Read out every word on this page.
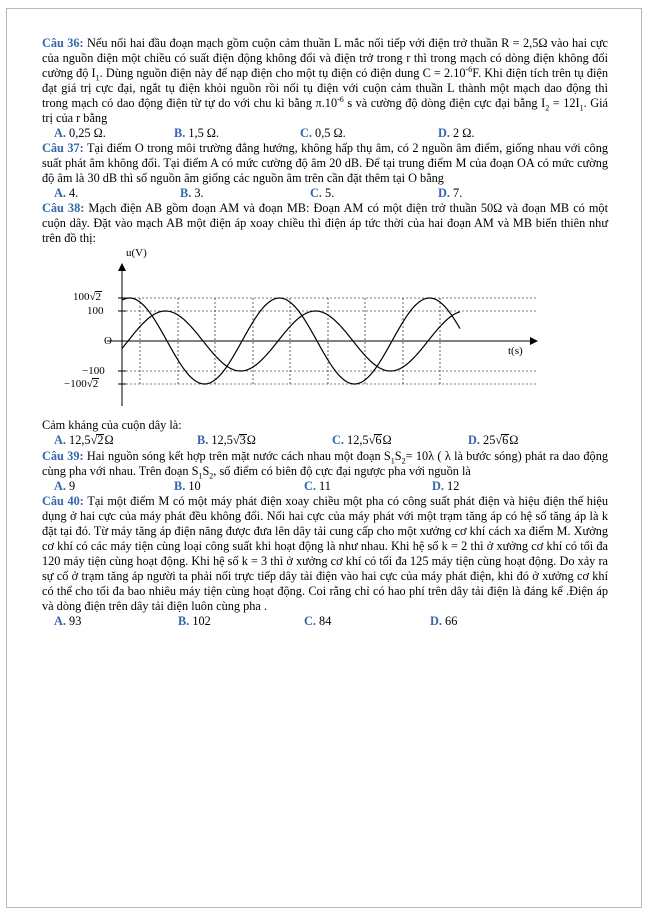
Câu 36: Nếu nối hai đầu đoạn mạch gồm cuộn cảm thuần L mắc nối tiếp với điện trở thuần R = 2,5Ω vào hai cực của nguồn điện một chiều có suất điện động không đổi và điện trở trong r thì trong mạch có dòng điện không đổi cường độ $I_1$. Dùng nguồn điện này để nạp điện cho một tụ điện có điện dung $C = 2.10^{-6}F$. Khi điện tích trên tụ điện đạt giá trị cực đại, ngắt tụ điện khỏi nguồn rồi nối tụ điện với cuộn cảm thuần L thành một mạch dao động thì trong mạch có dao động điện từ tự do với chu kì bằng $\pi.10^{-6}$ s và cường độ dòng điện cực đại bằng $I_2 = 12I_1$. Giá trị của r bằng

A. 0,25 Ω.	B. 1,5 Ω.	C. 0,5 Ω.	D. 2 Ω.

Câu 37: Tại điểm O trong môi trường đẳng hướng, không hấp thụ âm, có 2 nguồn âm điểm, giống nhau với công suất phát âm không đổi. Tại điểm A có mức cường độ âm 20 dB. Để tại trung điểm M của đoạn OA có mức cường độ âm là 30 dB thì số nguồn âm giống các nguồn âm trên cần đặt thêm tại O bằng

A. 4.	B. 3.	C. 5.	D. 7.

Câu 38: Mạch điện AB gồm đoạn AM và đoạn MB: Đoạn AM có một điện trở thuần 50Ω và đoạn MB có một cuộn dây. Đặt vào mạch AB một điện áp xoay chiều thì điện áp tức thời của hai đoạn AM và MB biến thiên như trên đồ thị:

u(V)
t(s)
O
100√2
100
−100
−100√2

Cảm kháng của cuộn dây là:

A. 12,5√2Ω	B. 12,5√3Ω	C. 12,5√6Ω	D. 25√6Ω

Câu 39: Hai nguồn sóng kết hợp trên mặt nước cách nhau một đoạn $S_1S_2= 10\lambda$ ( λ là bước sóng) phát ra dao động cùng pha với nhau. Trên đoạn $S_1S_2$, số điểm có biên độ cực đại ngược pha với nguồn là

A. 9	B. 10	C. 11	D. 12

Câu 40: Tại một điểm M có một máy phát điện xoay chiều một pha có công suất phát điện và hiệu điện thế hiệu dụng ở hai cực của máy phát đều không đổi. Nối hai cực của máy phát với một trạm tăng áp có hệ số tăng áp là k đặt tại đó. Từ máy tăng áp điện năng được đưa lên dây tải cung cấp cho một xưởng cơ khí cách xa điểm M. Xưởng cơ khí có các máy tiện cùng loại công suất khi hoạt động là như nhau. Khi hệ số k = 2 thì ở xưởng cơ khí có tối đa 120 máy tiện cùng hoạt động. Khi hệ số k = 3 thì ở xưởng cơ khí có tối đa 125 máy tiện cùng hoạt động. Do xảy ra sự cố ở trạm tăng áp người ta phải nối trực tiếp dây tải điện vào hai cực của máy phát điện, khi đó ở xưởng cơ khí có thể cho tối đa bao nhiêu máy tiện cùng hoạt động. Coi rằng chỉ có hao phí trên dây tải điện là đáng kể .Điện áp và dòng điện trên dây tải điện luôn cùng pha .

A. 93	B. 102	C. 84	D. 66
